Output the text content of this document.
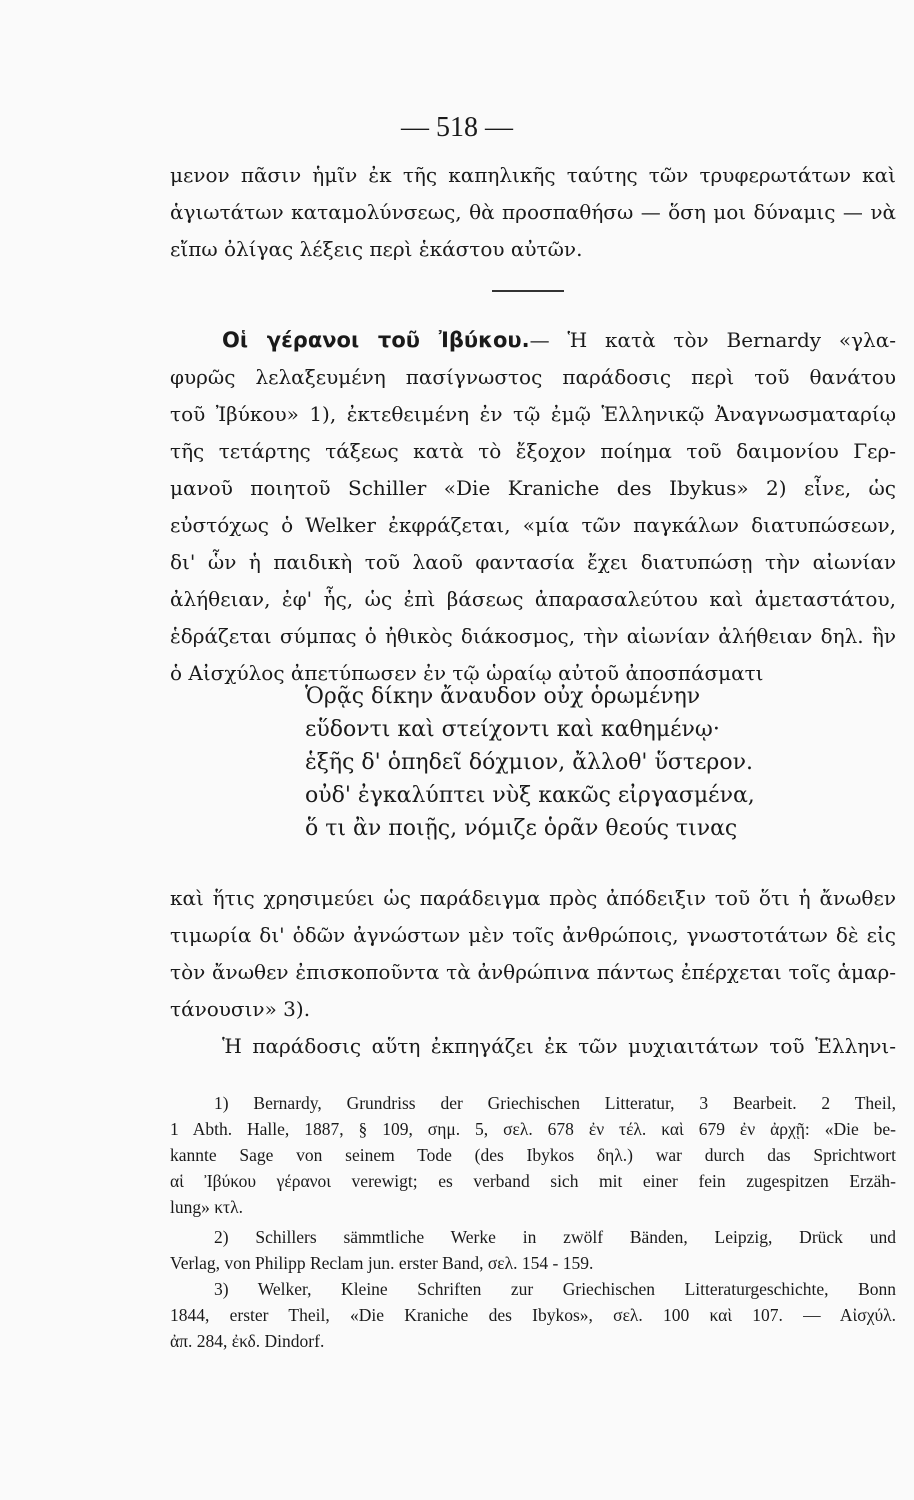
— 518 —
μενον πᾶσιν ἡμῖν ἐκ τῆς καπηλικῆς ταύτης τῶν τρυφερωτάτων καὶ
ἁγιωτάτων καταμολύνσεως, θὰ προσπαθήσω — ὅση μοι δύναμις — νὰ
εἴπω ὀλίγας λέξεις περὶ ἑκάστου αὐτῶν.
Οἱ γέρανοι τοῦ Ἰβύκου.— Ἡ κατὰ τὸν Bernardy «γλα-
φυρῶς λελαξευμένη πασίγνωστος παράδοσις περὶ τοῦ θανάτου
τοῦ Ἰβύκου» 1), ἐκτεθειμένη ἐν τῷ ἐμῷ Ἑλληνικῷ Ἀναγνωσματαρίῳ
τῆς τετάρτης τάξεως κατὰ τὸ ἔξοχον ποίημα τοῦ δαιμονίου Γερ-
μανοῦ ποιητοῦ Schiller «Die Kraniche des Ibykus» 2) εἶνε, ὡς
εὐστόχως ὁ Welker ἐκφράζεται, «μία τῶν παγκάλων διατυπώσεων,
δι' ὧν ἡ παιδικὴ τοῦ λαοῦ φαντασία ἔχει διατυπώσῃ τὴν αἰωνίαν
ἀλήθειαν, ἐφ' ἧς, ὡς ἐπὶ βάσεως ἀπαρασαλεύτου καὶ ἀμεταστάτου,
ἑδράζεται σύμπας ὁ ἠθικὸς διάκοσμος, τὴν αἰωνίαν ἀλήθειαν δηλ. ἣν
ὁ Αἰσχύλος ἀπετύπωσεν ἐν τῷ ὡραίῳ αὐτοῦ ἀποσπάσματι
Ὁρᾷς δίκην ἄναυδον οὐχ ὁρωμένην
εὕδοντι καὶ στείχοντι καὶ καθημένῳ·
ἑξῆς δ' ὁπηδεῖ δόχμιον, ἄλλοθ' ὕστερον.
οὐδ' ἐγκαλύπτει νὺξ κακῶς εἰργασμένα,
ὅ τι ἂν ποιῇς, νόμιζε ὁρᾶν θεούς τινας
καὶ ἥτις χρησιμεύει ὡς παράδειγμα πρὸς ἀπόδειξιν τοῦ ὅτι ἡ ἄνωθεν
τιμωρία δι' ὁδῶν ἀγνώστων μὲν τοῖς ἀνθρώποις, γνωστοτάτων δὲ εἰς
τὸν ἄνωθεν ἐπισκοποῦντα τὰ ἀνθρώπινα πάντως ἐπέρχεται τοῖς ἁμαρ-
τάνουσιν» 3).
Ἡ παράδοσις αὕτη ἐκπηγάζει ἐκ τῶν μυχιαιτάτων τοῦ Ἑλληνι-
1) Bernardy, Grundriss der Griechischen Litteratur, 3 Bearbeit. 2 Theil,
1 Abth. Halle, 1887, § 109, σημ. 5, σελ. 678 ἐν τέλ. καὶ 679 ἐν ἀρχῇ: «Die be-
kannte Sage von seinem Tode (des Ibykos δηλ.) war durch das Sprichtwort
αἱ Ἰβύκου γέρανοι verewigt; es verband sich mit einer fein zugespitzen Erzäh-
lung» κτλ.
2) Schillers sämmtliche Werke in zwölf Bänden, Leipzig, Drück und
Verlag, von Philipp Reclam jun. erster Band, σελ. 154 - 159.
3) Welker, Kleine Schriften zur Griechischen Litteraturgeschichte, Bonn
1844, erster Theil, «Die Kraniche des Ibykos», σελ. 100 καὶ 107. — Αἰσχύλ.
ἀπ. 284, ἐκδ. Dindorf.
